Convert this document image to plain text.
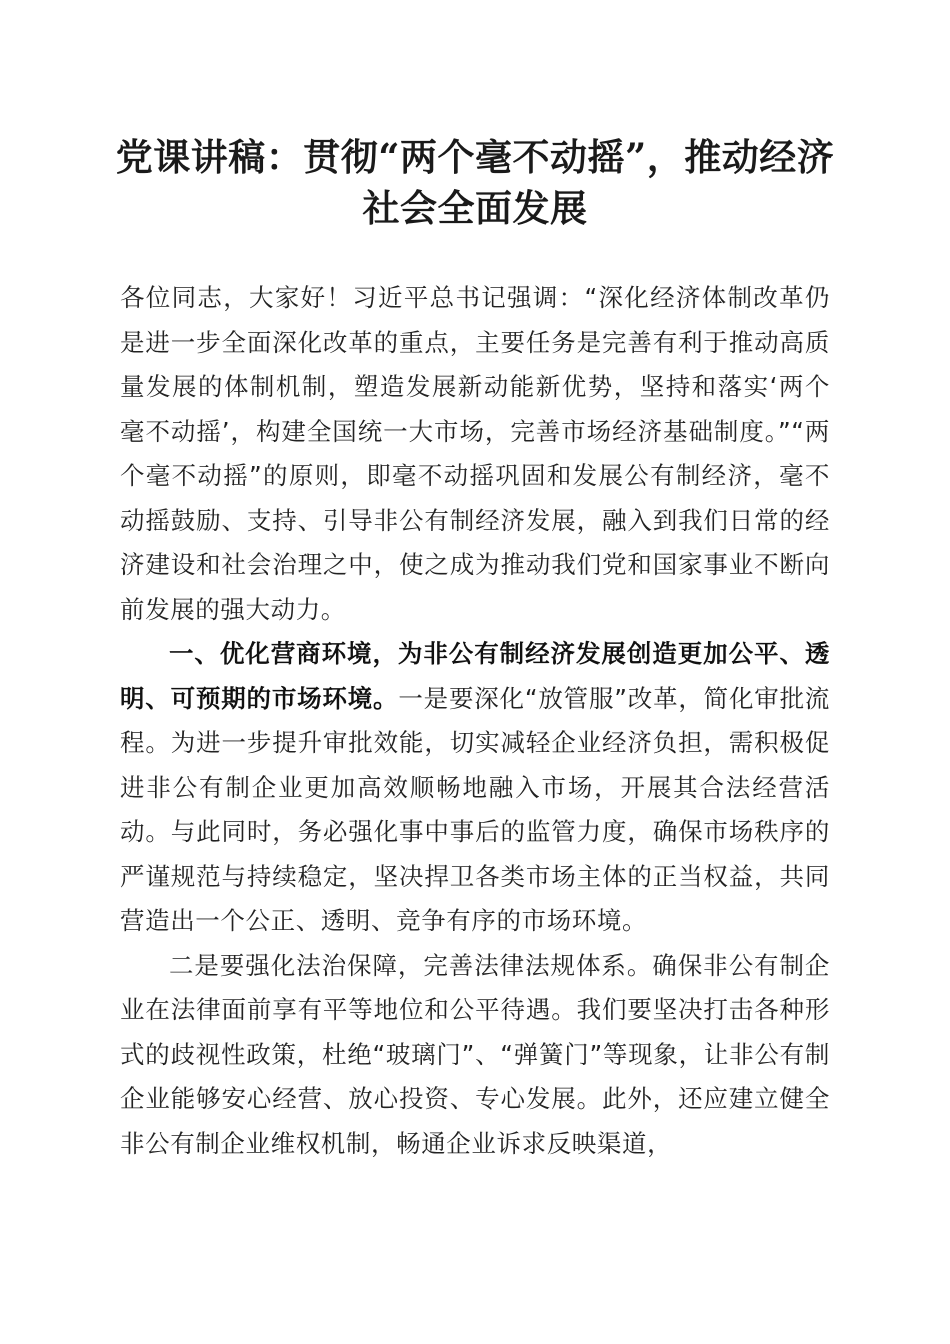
党课讲稿：贯彻“两个毫不动摇”，推动经济
社会全面发展

各位同志，大家好！习近平总书记强调：“深化经济体制改革仍是进一步全面深化改革的重点，主要任务是完善有利于推动高质量发展的体制机制，塑造发展新动能新优势，坚持和落实‘两个毫不动摇’，构建全国统一大市场，完善市场经济基础制度。”“两个毫不动摇”的原则，即毫不动摇巩固和发展公有制经济，毫不动摇鼓励、支持、引导非公有制经济发展，融入到我们日常的经济建设和社会治理之中，使之成为推动我们党和国家事业不断向前发展的强大动力。

一、优化营商环境，为非公有制经济发展创造更加公平、透明、可预期的市场环境。一是要深化“放管服”改革，简化审批流程。为进一步提升审批效能，切实减轻企业经济负担，需积极促进非公有制企业更加高效顺畅地融入市场，开展其合法经营活动。与此同时，务必强化事中事后的监管力度，确保市场秩序的严谨规范与持续稳定，坚决捍卫各类市场主体的正当权益，共同营造出一个公正、透明、竞争有序的市场环境。

二是要强化法治保障，完善法律法规体系。确保非公有制企业在法律面前享有平等地位和公平待遇。我们要坚决打击各种形式的歧视性政策，杜绝“玻璃门”、“弹簧门”等现象，让非公有制企业能够安心经营、放心投资、专心发展。此外，还应建立健全非公有制企业维权机制，畅通企业诉求反映渠道，
